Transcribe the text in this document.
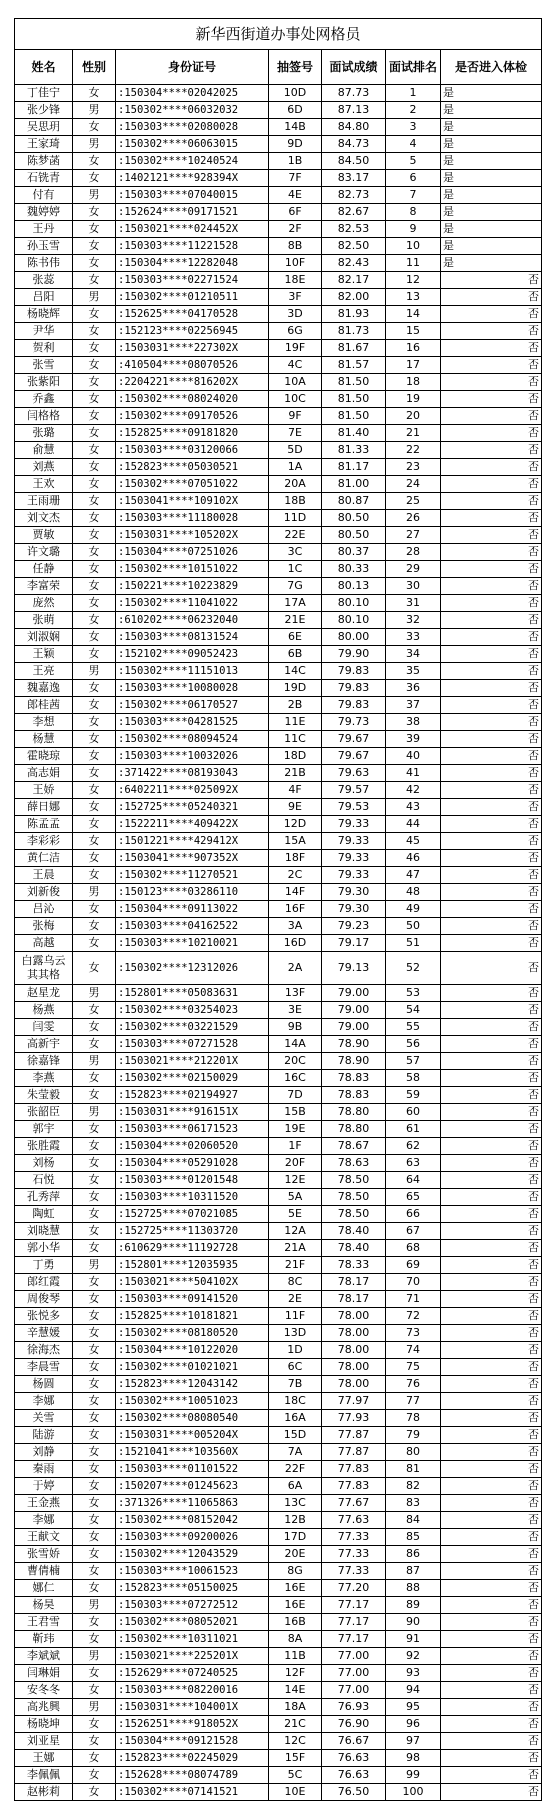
新华西街道办事处网格员						
姓名	性别	身份证号	抽签号	面试成绩	面试排名	是否进入体检
丁佳宁	女	:150304****02042025	10D	87.73	1	是
张少锋	男	:150302****06032032	6D	87.13	2	是
吴思玥	女	:150303****02080028	14B	84.80	3	是
王家琦	男	:150302****06063015	9D	84.73	4	是
陈梦菡	女	:150302****10240524	1B	84.50	5	是
石铣青	女	:1402121****928394X	7F	83.17	6	是
付有	男	:150303****07040015	4E	82.73	7	是
魏婷婷	女	:152624****09171521	6F	82.67	8	是
王丹	女	:1503021****024452X	2F	82.53	9	是
孙玉雪	女	:150303****11221528	8B	82.50	10	是
陈书伟	女	:150304****12282048	10F	82.43	11	是
张蕊	女	:150303****02271524	18E	82.17	12	否
吕阳	男	:150302****01210511	3F	82.00	13	否
杨晓辉	女	:152625****04170528	3D	81.93	14	否
尹华	女	:152123****02256945	6G	81.73	15	否
贺利	女	:1503031****227302X	19F	81.67	16	否
张雪	女	:410504****08070526	4C	81.57	17	否
张紫阳	女	:2204221****816202X	10A	81.50	18	否
乔鑫	女	:150302****08024020	10C	81.50	19	否
闫格格	女	:150302****09170526	9F	81.50	20	否
张璐	女	:152825****09181820	7E	81.40	21	否
俞慧	女	:150303****03120066	5D	81.33	22	否
刘燕	女	:152823****05030521	1A	81.17	23	否
王欢	女	:150302****07051022	20A	81.00	24	否
王雨珊	女	:1503041****109102X	18B	80.87	25	否
刘文杰	女	:150303****11180028	11D	80.50	26	否
贾敏	女	:1503031****105202X	22E	80.50	27	否
许文璐	女	:150304****07251026	3C	80.37	28	否
任静	女	:150302****10151022	1C	80.33	29	否
李富荣	女	:150221****10223829	7G	80.13	30	否
庞然	女	:150302****11041022	17A	80.10	31	否
张萌	女	:610202****06232040	21E	80.10	32	否
刘淑娴	女	:150303****08131524	6E	80.00	33	否
王颖	女	:152102****09052423	6B	79.90	34	否
王亮	男	:150302****11151013	14C	79.83	35	否
魏嘉逸	女	:150303****10080028	19D	79.83	36	否
郎桂茜	女	:150302****06170527	2B	79.83	37	否
李想	女	:150303****04281525	11E	79.73	38	否
杨慧	女	:150302****08094524	11C	79.67	39	否
霍晓琼	女	:150303****10032026	18D	79.67	40	否
高志娟	女	:371422****08193043	21B	79.63	41	否
王娇	女	:6402211****025092X	4F	79.57	42	否
薛日娜	女	:152725****05240321	9E	79.53	43	否
陈孟孟	女	:1522211****409422X	12D	79.33	44	否
李彩彩	女	:1501221****429412X	15A	79.33	45	否
黄仁洁	女	:1503041****907352X	18F	79.33	46	否
王晨	女	:150302****11270521	2C	79.33	47	否
刘新俊	男	:150123****03286110	14F	79.30	48	否
吕沁	女	:150304****09113022	16F	79.30	49	否
张梅	女	:150303****04162522	3A	79.23	50	否
高越	女	:150303****10210021	16D	79.17	51	否
白露乌云其其格	女	:150302****12312026	2A	79.13	52	否
赵星龙	男	:152801****05083631	13F	79.00	53	否
杨燕	女	:150302****03254023	3E	79.00	54	否
闫雯	女	:150302****03221529	9B	79.00	55	否
高新宇	女	:150303****07271528	14A	78.90	56	否
徐嘉锋	男	:1503021****212201X	20C	78.90	57	否
李燕	女	:150302****02150029	16C	78.83	58	否
朱莹毅	女	:152823****02194927	7D	78.83	59	否
张韶臣	男	:1503031****916151X	15B	78.80	60	否
郭宇	女	:150303****06171523	19E	78.80	61	否
张胜霞	女	:150304****02060520	1F	78.67	62	否
刘杨	女	:150304****05291028	20F	78.63	63	否
石悦	女	:150303****01201548	12E	78.50	64	否
孔秀萍	女	:150303****10311520	5A	78.50	65	否
陶虹	女	:152725****07021085	5E	78.50	66	否
刘晓慧	女	:152725****11303720	12A	78.40	67	否
郭小华	女	:610629****11192728	21A	78.40	68	否
丁勇	男	:152801****12035935	21F	78.33	69	否
郎红霞	女	:1503021****504102X	8C	78.17	70	否
周俊琴	女	:150303****09141520	2E	78.17	71	否
张悦多	女	:152825****10181821	11F	78.00	72	否
辛慧媛	女	:150302****08180520	13D	78.00	73	否
徐海杰	女	:150304****10122020	1D	78.00	74	否
李晨雪	女	:150302****01021021	6C	78.00	75	否
杨圆	女	:152823****12043142	7B	78.00	76	否
李娜	女	:150302****10051023	18C	77.97	77	否
关雪	女	:150302****08080540	16A	77.93	78	否
陆游	女	:1503031****005204X	15D	77.87	79	否
刘静	女	:1521041****103560X	7A	77.87	80	否
秦雨	女	:150303****01101522	22F	77.83	81	否
于婷	女	:150207****01245623	6A	77.83	82	否
王金燕	女	:371326****11065863	13C	77.67	83	否
李娜	女	:150302****08152042	12B	77.63	84	否
王献文	女	:150303****09200026	17D	77.33	85	否
张雪娇	女	:150302****12043529	20E	77.33	86	否
曹倩楠	女	:150303****10061523	8G	77.33	87	否
娜仁	女	:152823****05150025	16E	77.20	88	否
杨昊	男	:150303****07272512	16E	77.17	89	否
王君雪	女	:150302****08052021	16B	77.17	90	否
靳玮	女	:150302****10311021	8A	77.17	91	否
李斌斌	男	:1503021****225201X	11B	77.00	92	否
闫琳娟	女	:152629****07240525	12F	77.00	93	否
安冬冬	女	:150303****08220016	14E	77.00	94	否
高兆興	男	:1503031****104001X	18A	76.93	95	否
杨晓坤	女	:1526251****918052X	21C	76.90	96	否
刘亚星	女	:150304****09121528	12C	76.67	97	否
王娜	女	:152823****02245029	15F	76.63	98	否
李佩佩	女	:152628****08074789	5C	76.63	99	否
赵彬莉	女	:150302****07141521	10E	76.50	100	否
